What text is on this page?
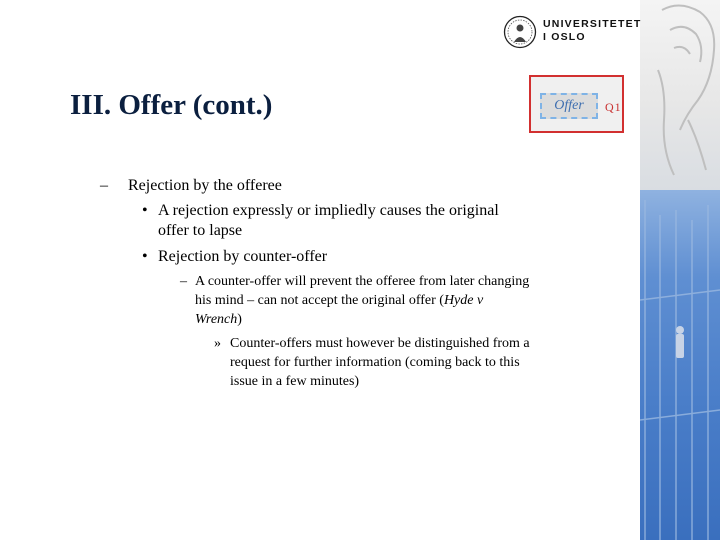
UNIVERSITETET
I OSLO
III. Offer (cont.)	Offer	Q1
– Rejection by the offeree
• A rejection expressly or impliedly causes the original
offer to lapse
• Rejection by counter-offer
– A counter-offer will prevent the offeree from later changing
his mind – can not accept the original offer (Hyde v
Wrench)
» Counter-offers must however be distinguished from a
request for further information (coming back to this
issue in a few minutes)
